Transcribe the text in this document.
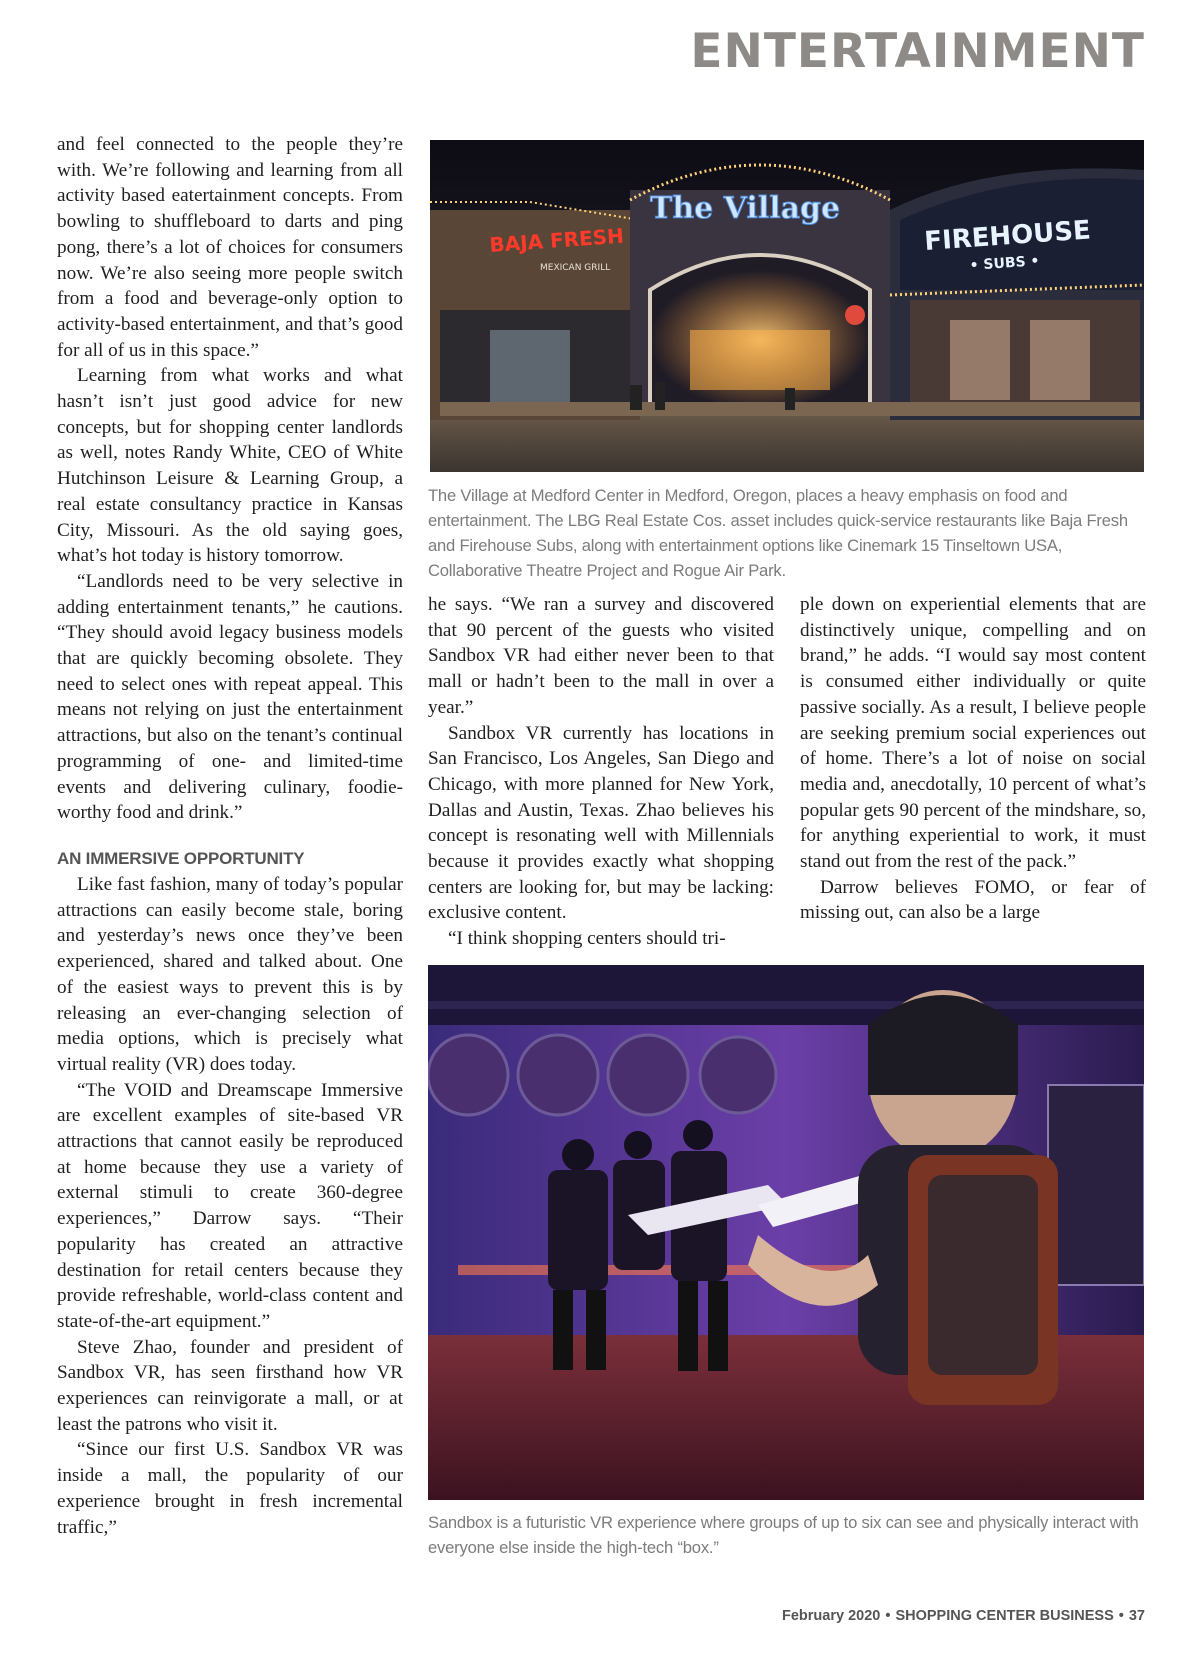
ENTERTAINMENT

and feel connected to the people they’re with. We’re following and learning from all activity based eatertainment concepts. From bowling to shuffleboard to darts and ping pong, there’s a lot of choices for consumers now. We’re also seeing more people switch from a food and beverage-only option to activity-based entertainment, and that’s good for all of us in this space.”

Learning from what works and what hasn’t isn’t just good advice for new concepts, but for shopping center landlords as well, notes Randy White, CEO of White Hutchinson Leisure & Learning Group, a real estate consultancy practice in Kansas City, Missouri. As the old saying goes, what’s hot today is history tomorrow.

“Landlords need to be very selective in adding entertainment tenants,” he cautions. “They should avoid legacy business models that are quickly becoming obsolete. They need to select ones with repeat appeal. This means not relying on just the entertainment attractions, but also on the tenant’s continual programming of one- and limited-time events and delivering culinary, foodie-worthy food and drink.”

AN IMMERSIVE OPPORTUNITY

Like fast fashion, many of today’s popular attractions can easily become stale, boring and yesterday’s news once they’ve been experienced, shared and talked about. One of the easiest ways to prevent this is by releasing an ever-changing selection of media options, which is precisely what virtual reality (VR) does today.

“The VOID and Dreamscape Immersive are excellent examples of site-based VR attractions that cannot easily be reproduced at home because they use a variety of external stimuli to create 360-degree experiences,” Darrow says. “Their popularity has created an attractive destination for retail centers because they provide refreshable, world-class content and state-of-the-art equipment.”

Steve Zhao, founder and president of Sandbox VR, has seen firsthand how VR experiences can reinvigorate a mall, or at least the patrons who visit it.

“Since our first U.S. Sandbox VR was inside a mall, the popularity of our experience brought in fresh incremental traffic,”

BAJA FRESH
MEXICAN GRILL
The Village
FIREHOUSE
• SUBS •

The Village at Medford Center in Medford, Oregon, places a heavy emphasis on food and entertainment. The LBG Real Estate Cos. asset includes quick-service restaurants like Baja Fresh and Firehouse Subs, along with entertainment options like Cinemark 15 Tinseltown USA, Collaborative Theatre Project and Rogue Air Park.

he says. “We ran a survey and discovered that 90 percent of the guests who visited Sandbox VR had either never been to that mall or hadn’t been to the mall in over a year.”

Sandbox VR currently has locations in San Francisco, Los Angeles, San Diego and Chicago, with more planned for New York, Dallas and Austin, Texas. Zhao believes his concept is resonating well with Millennials because it provides exactly what shopping centers are looking for, but may be lacking: exclusive content.

“I think shopping centers should tri-

ple down on experiential elements that are distinctively unique, compelling and on brand,” he adds. “I would say most content is consumed either individually or quite passive socially. As a result, I believe people are seeking premium social experiences out of home. There’s a lot of noise on social media and, anecdotally, 10 percent of what’s popular gets 90 percent of the mindshare, so, for anything experiential to work, it must stand out from the rest of the pack.”

Darrow believes FOMO, or fear of missing out, can also be a large

Sandbox is a futuristic VR experience where groups of up to six can see and physically interact with everyone else inside the high-tech “box.”

February 2020 • SHOPPING CENTER BUSINESS • 37
